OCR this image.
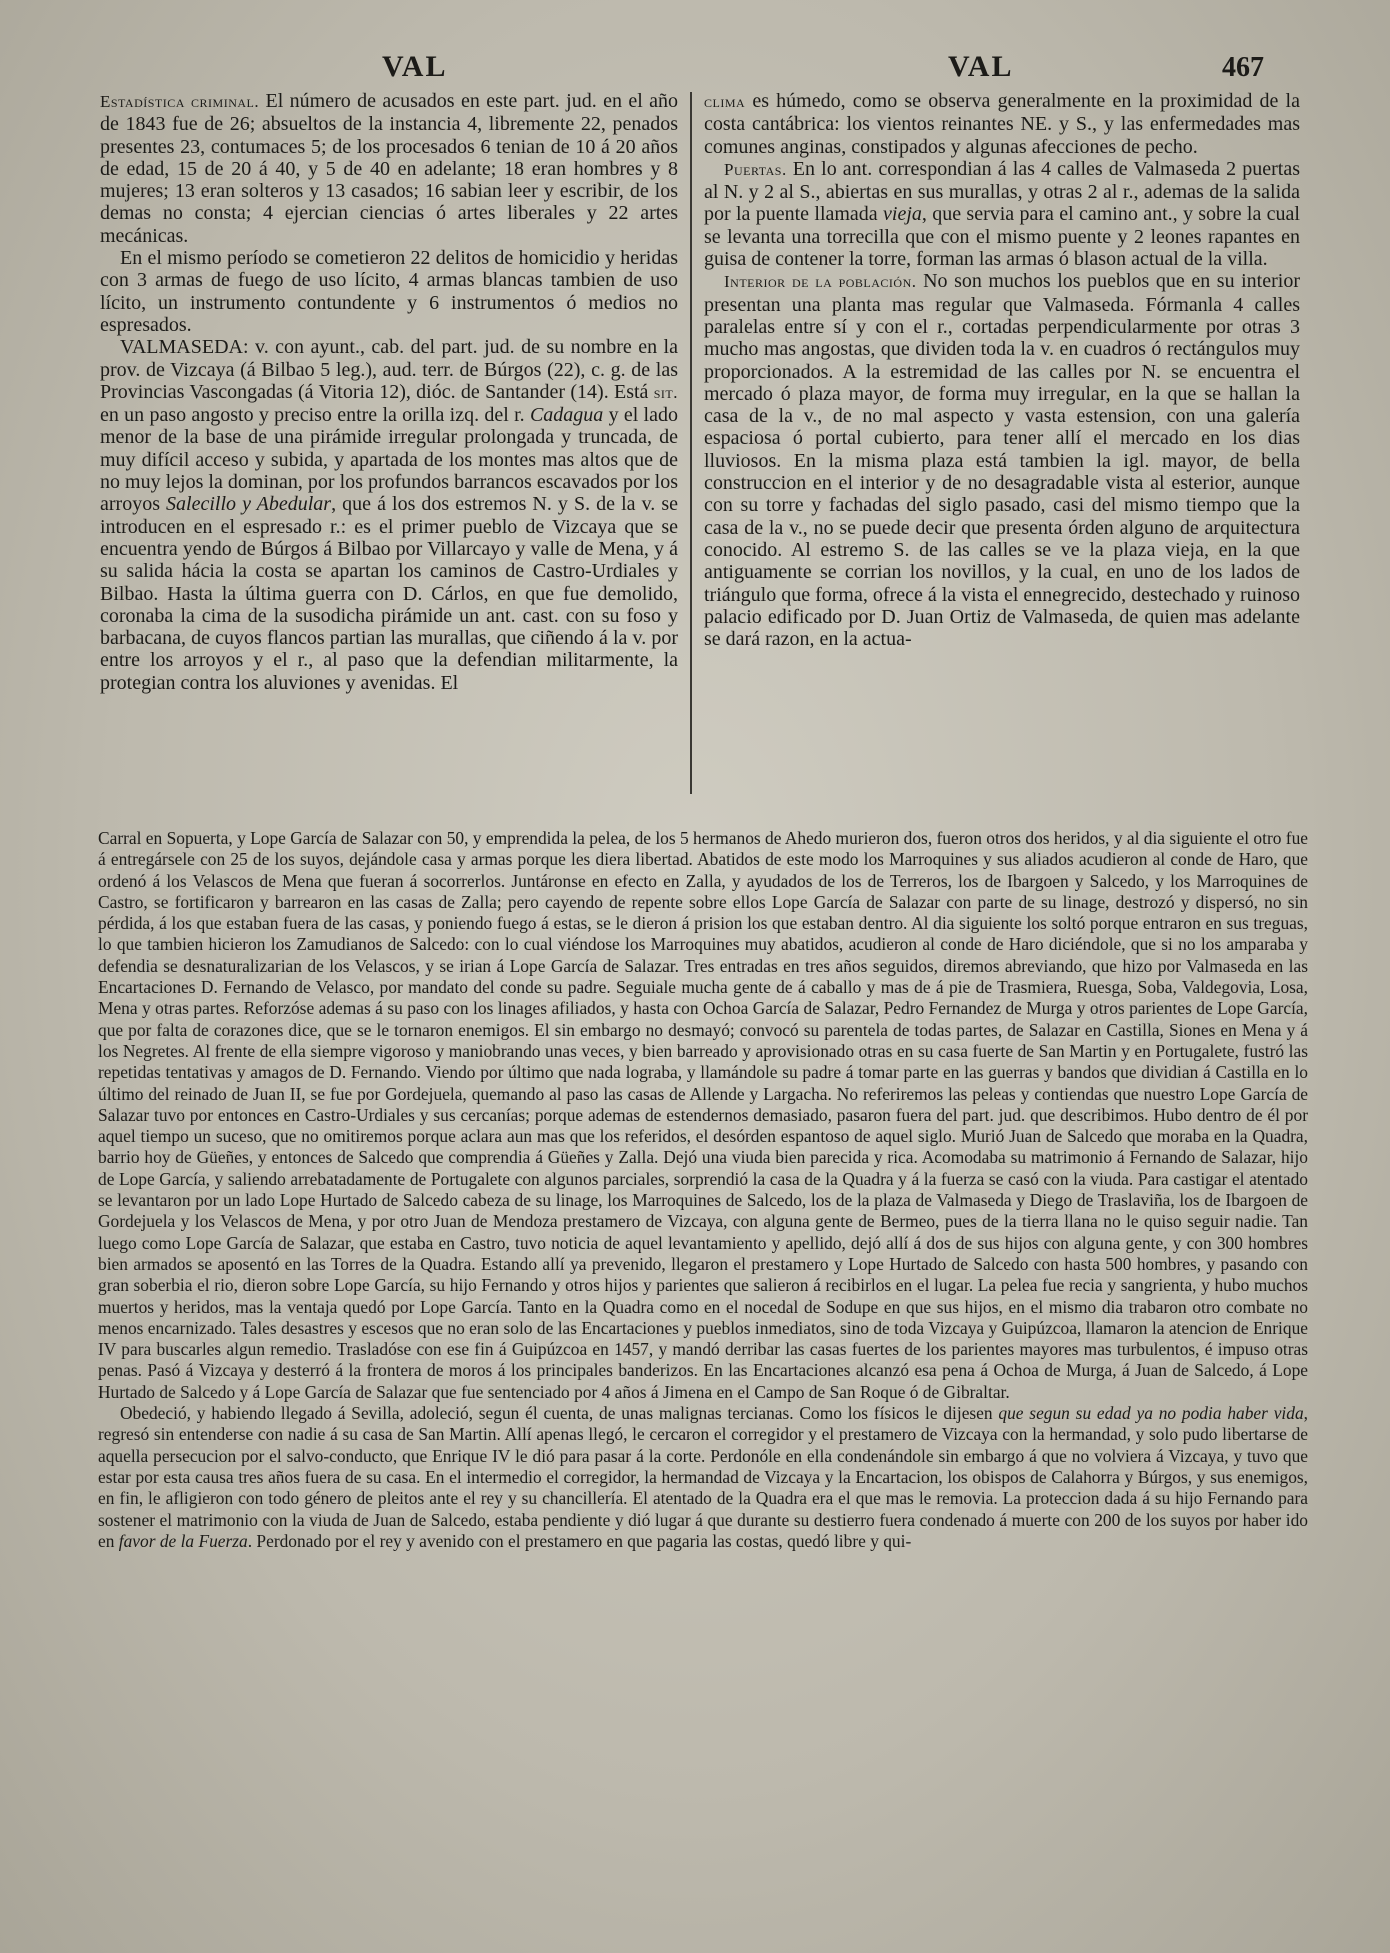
VAL	VAL	467

Estadística criminal. El número de acusados en este part. jud. en el año de 1843 fue de 26; absueltos de la instancia 4, libremente 22, penados presentes 23, contumaces 5; de los procesados 6 tenian de 10 á 20 años de edad, 15 de 20 á 40, y 5 de 40 en adelante; 18 eran hombres y 8 mujeres; 13 eran solteros y 13 casados; 16 sabian leer y escribir, de los demas no consta; 4 ejercian ciencias ó artes liberales y 22 artes mecánicas.

En el mismo período se cometieron 22 delitos de homicidio y heridas con 3 armas de fuego de uso lícito, 4 armas blancas tambien de uso lícito, un instrumento contundente y 6 instrumentos ó medios no espresados.

VALMASEDA: v. con ayunt., cab. del part. jud. de su nombre en la prov. de Vizcaya (á Bilbao 5 leg.), aud. terr. de Búrgos (22), c. g. de las Provincias Vascongadas (á Vitoria 12), dióc. de Santander (14). Está sit. en un paso angosto y preciso entre la orilla izq. del r. Cadagua y el lado menor de la base de una pirámide irregular prolongada y truncada, de muy difícil acceso y subida, y apartada de los montes mas altos que de no muy lejos la dominan, por los profundos barrancos escavados por los arroyos Salecillo y Abedular, que á los dos estremos N. y S. de la v. se introducen en el espresado r.: es el primer pueblo de Vizcaya que se encuentra yendo de Búrgos á Bilbao por Villarcayo y valle de Mena, y á su salida hácia la costa se apartan los caminos de Castro-Urdiales y Bilbao. Hasta la última guerra con D. Cárlos, en que fue demolido, coronaba la cima de la susodicha pirámide un ant. cast. con su foso y barbacana, de cuyos flancos partian las murallas, que ciñendo á la v. por entre los arroyos y el r., al paso que la defendian militarmente, la protegian contra los aluviones y avenidas. El

clima es húmedo, como se observa generalmente en la proximidad de la costa cantábrica: los vientos reinantes NE. y S., y las enfermedades mas comunes anginas, constipados y algunas afecciones de pecho.

Puertas. En lo ant. correspondian á las 4 calles de Valmaseda 2 puertas al N. y 2 al S., abiertas en sus murallas, y otras 2 al r., ademas de la salida por la puente llamada vieja, que servia para el camino ant., y sobre la cual se levanta una torrecilla que con el mismo puente y 2 leones rapantes en guisa de contener la torre, forman las armas ó blason actual de la villa.

Interior de la población. No son muchos los pueblos que en su interior presentan una planta mas regular que Valmaseda. Fórmanla 4 calles paralelas entre sí y con el r., cortadas perpendicularmente por otras 3 mucho mas angostas, que dividen toda la v. en cuadros ó rectángulos muy proporcionados. A la estremidad de las calles por N. se encuentra el mercado ó plaza mayor, de forma muy irregular, en la que se hallan la casa de la v., de no mal aspecto y vasta estension, con una galería espaciosa ó portal cubierto, para tener allí el mercado en los dias lluviosos. En la misma plaza está tambien la igl. mayor, de bella construccion en el interior y de no desagradable vista al esterior, aunque con su torre y fachadas del siglo pasado, casi del mismo tiempo que la casa de la v., no se puede decir que presenta órden alguno de arquitectura conocido. Al estremo S. de las calles se ve la plaza vieja, en la que antiguamente se corrian los novillos, y la cual, en uno de los lados de triángulo que forma, ofrece á la vista el ennegrecido, destechado y ruinoso palacio edificado por D. Juan Ortiz de Valmaseda, de quien mas adelante se dará razon, en la actua-

Carral en Sopuerta, y Lope García de Salazar con 50, y emprendida la pelea, de los 5 hermanos de Ahedo murieron dos, fueron otros dos heridos, y al dia siguiente el otro fue á entregársele con 25 de los suyos, dejándole casa y armas porque les diera libertad. Abatidos de este modo los Marroquines y sus aliados acudieron al conde de Haro, que ordenó á los Velascos de Mena que fueran á socorrerlos. Juntáronse en efecto en Zalla, y ayudados de los de Terreros, los de Ibargoen y Salcedo, y los Marroquines de Castro, se fortificaron y barrearon en las casas de Zalla; pero cayendo de repente sobre ellos Lope García de Salazar con parte de su linage, destrozó y dispersó, no sin pérdida, á los que estaban fuera de las casas, y poniendo fuego á estas, se le dieron á prision los que estaban dentro. Al dia siguiente los soltó porque entraron en sus treguas, lo que tambien hicieron los Zamudianos de Salcedo: con lo cual viéndose los Marroquines muy abatidos, acudieron al conde de Haro diciéndole, que si no los amparaba y defendia se desnaturalizarian de los Velascos, y se irian á Lope García de Salazar. Tres entradas en tres años seguidos, diremos abreviando, que hizo por Valmaseda en las Encartaciones D. Fernando de Velasco, por mandato del conde su padre. Seguiale mucha gente de á caballo y mas de á pie de Trasmiera, Ruesga, Soba, Valdegovia, Losa, Mena y otras partes. Reforzóse ademas á su paso con los linages afiliados, y hasta con Ochoa García de Salazar, Pedro Fernandez de Murga y otros parientes de Lope García, que por falta de corazones dice, que se le tornaron enemigos. El sin embargo no desmayó; convocó su parentela de todas partes, de Salazar en Castilla, Siones en Mena y á los Negretes. Al frente de ella siempre vigoroso y maniobrando unas veces, y bien barreado y aprovisionado otras en su casa fuerte de San Martin y en Portugalete, fustró las repetidas tentativas y amagos de D. Fernando. Viendo por último que nada lograba, y llamándole su padre á tomar parte en las guerras y bandos que dividian á Castilla en lo último del reinado de Juan II, se fue por Gordejuela, quemando al paso las casas de Allende y Largacha. No referiremos las peleas y contiendas que nuestro Lope García de Salazar tuvo por entonces en Castro-Urdiales y sus cercanías; porque ademas de estendernos demasiado, pasaron fuera del part. jud. que describimos. Hubo dentro de él por aquel tiempo un suceso, que no omitiremos porque aclara aun mas que los referidos, el desórden espantoso de aquel siglo. Murió Juan de Salcedo que moraba en la Quadra, barrio hoy de Güeñes, y entonces de Salcedo que comprendia á Güeñes y Zalla. Dejó una viuda bien parecida y rica. Acomodaba su matrimonio á Fernando de Salazar, hijo de Lope García, y saliendo arrebatadamente de Portugalete con algunos parciales, sorprendió la casa de la Quadra y á la fuerza se casó con la viuda. Para castigar el atentado se levantaron por un lado Lope Hurtado de Salcedo cabeza de su linage, los Marroquines de Salcedo, los de la plaza de Valmaseda y Diego de Traslaviña, los de Ibargoen de Gordejuela y los Velascos de Mena, y por otro Juan de Mendoza prestamero de Vizcaya, con alguna gente de Bermeo, pues de la tierra llana no le quiso seguir nadie. Tan luego como Lope García de Salazar, que estaba en Castro, tuvo noticia de aquel levantamiento y apellido, dejó allí á dos de sus hijos con alguna gente, y con 300 hombres bien armados se aposentó en las Torres de la Quadra. Estando allí ya prevenido, llegaron el prestamero y Lope Hurtado de Salcedo con hasta 500 hombres, y pasando con gran soberbia el rio, dieron sobre Lope García, su hijo Fernando y otros hijos y parientes que salieron á recibirlos en el lugar. La pelea fue recia y sangrienta, y hubo muchos muertos y heridos, mas la ventaja quedó por Lope García. Tanto en la Quadra como en el nocedal de Sodupe en que sus hijos, en el mismo dia trabaron otro combate no menos encarnizado. Tales desastres y escesos que no eran solo de las Encartaciones y pueblos inmediatos, sino de toda Vizcaya y Guipúzcoa, llamaron la atencion de Enrique IV para buscarles algun remedio. Trasladóse con ese fin á Guipúzcoa en 1457, y mandó derribar las casas fuertes de los parientes mayores mas turbulentos, é impuso otras penas. Pasó á Vizcaya y desterró á la frontera de moros á los principales banderizos. En las Encartaciones alcanzó esa pena á Ochoa de Murga, á Juan de Salcedo, á Lope Hurtado de Salcedo y á Lope García de Salazar que fue sentenciado por 4 años á Jimena en el Campo de San Roque ó de Gibraltar.

Obedeció, y habiendo llegado á Sevilla, adoleció, segun él cuenta, de unas malignas tercianas. Como los físicos le dijesen que segun su edad ya no podia haber vida, regresó sin entenderse con nadie á su casa de San Martin. Allí apenas llegó, le cercaron el corregidor y el prestamero de Vizcaya con la hermandad, y solo pudo libertarse de aquella persecucion por el salvo-conducto, que Enrique IV le dió para pasar á la corte. Perdonóle en ella condenándole sin embargo á que no volviera á Vizcaya, y tuvo que estar por esta causa tres años fuera de su casa. En el intermedio el corregidor, la hermandad de Vizcaya y la Encartacion, los obispos de Calahorra y Búrgos, y sus enemigos, en fin, le afligieron con todo género de pleitos ante el rey y su chancillería. El atentado de la Quadra era el que mas le removia. La proteccion dada á su hijo Fernando para sostener el matrimonio con la viuda de Juan de Salcedo, estaba pendiente y dió lugar á que durante su destierro fuera condenado á muerte con 200 de los suyos por haber ido en favor de la Fuerza. Perdonado por el rey y avenido con el prestamero en que pagaria las costas, quedó libre y qui-
